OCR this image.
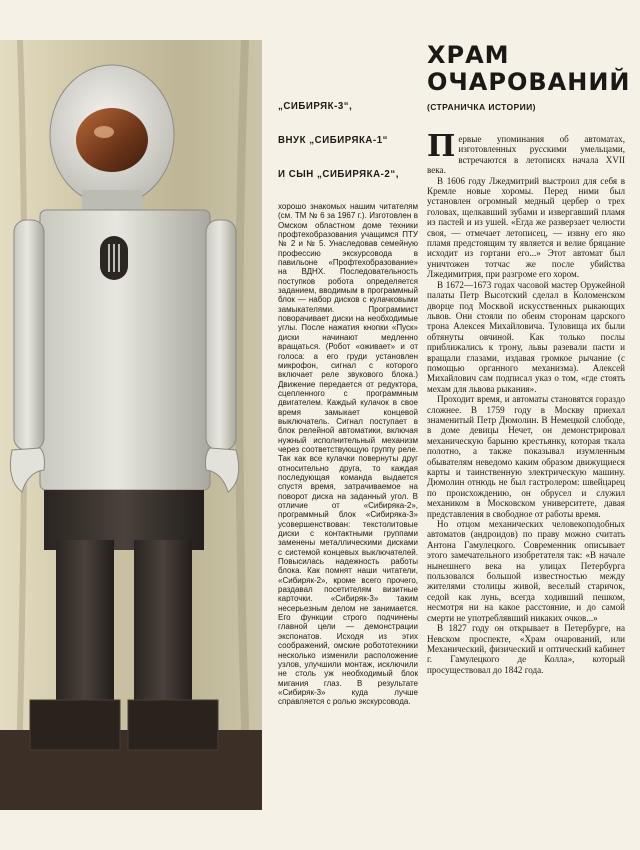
„СИБИРЯК-3“,
ВНУК „СИБИРЯКА-1“
И СЫН „СИБИРЯКА-2“,
хорошо знакомых нашим читателям (см. ТМ № 6 за 1967 г.). Изготовлен в Омском областном доме техники профтехобразования учащимся ПТУ № 2 и № 5. Унаследовав семейную профессию экскурсовода в павильоне «Профтехобразование» на ВДНХ. Последовательность поступков робота определяется заданием, вводимым в программный блок — набор дисков с кулачковыми замыкателями. Программист поворачивает диски на необходимые углы. После нажатия кнопки «Пуск» диски начинают медленно вращаться. (Робот «оживает» и от голоса: а его груди установлен микрофон, сигнал с которого включает реле звукового блока.) Движение передается от редуктора, сцепленного с программным двигателем. Каждый кулачок в свое время замыкает концевой выключатель. Сигнал поступает в блок релейной автоматики, включая нужный исполнительный механизм через соответствующую группу реле. Так как все кулачки повернуты друг относительно друга, то каждая последующая команда выдается спустя время, затрачиваемое на поворот диска на заданный угол. В отличие от «Сибиряка-2», программный блок «Сибиряка-3» усовершенствован: текстолитовые диски с контактными группами заменены металлическими дисками с системой концевых выключателей. Повысилась надежность работы блока. Как помнят наши читатели, «Сибиряк-2», кроме всего прочего, раздавал посетителям визитные карточки. «Сибиряк-3» таким несерьезным делом не занимается. Его функции строго подчинены главной цели — демонстрации экспонатов. Исходя из этих соображений, омские робототехники несколько изменили расположение узлов, улучшили монтаж, исключили не столь уж необходимый блок мигания глаз. В результате «Сибиряк-3» куда лучше справляется с ролью экскурсовода.
ХРАМ
ОЧАРОВАНИЙ
(СТРАНИЧКА ИСТОРИИ)

Первые упоминания об автоматах, изготовленных русскими умельцами, встречаются в летописях начала XVII века.

В 1606 году Лжедмитрий выстроил для себя в Кремле новые хоромы. Перед ними был установлен огромный медный цербер о трех головах, щелкавший зубами и извергавший пламя из пастей и из ушей. «Егда же разверзает челюсти своя, — отмечает летописец, — извну его яко пламя предстоящим ту является и велие бряцание исходит из гортани его...» Этот автомат был уничтожен тотчас же после убийства Лжедимитрия, при разгроме его хором.

В 1672—1673 годах часовой мастер Оружейной палаты Петр Высотский сделал в Коломенском дворце под Москвой искусственных рыкающих львов. Они стояли по обеим сторонам царского трона Алексея Михайловича. Туловища их были обтянуты овчиной. Как только послы приближались к трону, львы разевали пасти и вращали глазами, издавая громкое рычание (с помощью органного механизма). Алексей Михайлович сам подписал указ о том, «где стоять мехам для львова рыкания».

Проходит время, и автоматы становятся гораздо сложнее. В 1759 году в Москву приехал знаменитый Петр Дюмолин. В Немецкой слободе, в доме девицы Нечет, он демонстрировал механическую барыню крестьянку, которая ткала полотно, а также показывал изумленным обывателям неведомо каким образом движущиеся карты и таинственную электрическую машину. Дюмолин отнюдь не был гастролером: швейцарец по происхождению, он обрусел и служил механиком в Московском университете, давая представления в свободное от работы время.

Но отцом механических человекоподобных автоматов (андроидов) по праву можно считать Антона Гамулецкого. Современник описывает этого замечательного изобретателя так: «В начале нынешнего века на улицах Петербурга пользовался большой известностью между жителями столицы живой, веселый старичок, седой как лунь, всегда ходивший пешком, несмотря ни на какое расстояние, и до самой смерти не употреблявший никаких очков...»

В 1827 году он открывает в Петербурге, на Невском проспекте, «Храм очарований, или Механический, физический и оптический кабинет г. Гамулецкого де Колла», который просуществовал до 1842 года.
